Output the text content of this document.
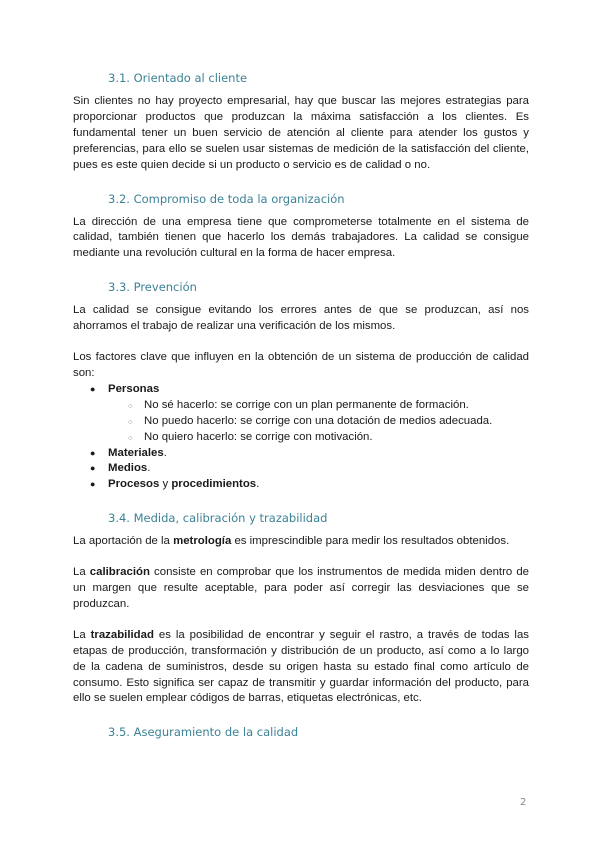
3.1. Orientado al cliente

Sin clientes no hay proyecto empresarial, hay que buscar las mejores estrategias para proporcionar productos que produzcan la máxima satisfacción a los clientes. Es fundamental tener un buen servicio de atención al cliente para atender los gustos y preferencias, para ello se suelen usar sistemas de medición de la satisfacción del cliente, pues es este quien decide si un producto o servicio es de calidad o no.

3.2. Compromiso de toda la organización

La dirección de una empresa tiene que comprometerse totalmente en el sistema de calidad, también tienen que hacerlo los demás trabajadores. La calidad se consigue mediante una revolución cultural en la forma de hacer empresa.

3.3. Prevención

La calidad se consigue evitando los errores antes de que se produzcan, así nos ahorramos el trabajo de realizar una verificación de los mismos.

Los factores clave que influyen en la obtención de un sistema de producción de calidad son:

● Personas
○ No sé hacerlo: se corrige con un plan permanente de formación.
○ No puedo hacerlo: se corrige con una dotación de medios adecuada.
○ No quiero hacerlo: se corrige con motivación.
● Materiales.
● Medios.
● Procesos y procedimientos.
3.4. Medida, calibración y trazabilidad

La aportación de la metrología es imprescindible para medir los resultados obtenidos.

La calibración consiste en comprobar que los instrumentos de medida miden dentro de un margen que resulte aceptable, para poder así corregir las desviaciones que se produzcan.

La trazabilidad es la posibilidad de encontrar y seguir el rastro, a través de todas las etapas de producción, transformación y distribución de un producto, así como a lo largo de la cadena de suministros, desde su origen hasta su estado final como artículo de consumo. Esto significa ser capaz de transmitir y guardar información del producto, para ello se suelen emplear códigos de barras, etiquetas electrónicas, etc.

3.5. Aseguramiento de la calidad
2
